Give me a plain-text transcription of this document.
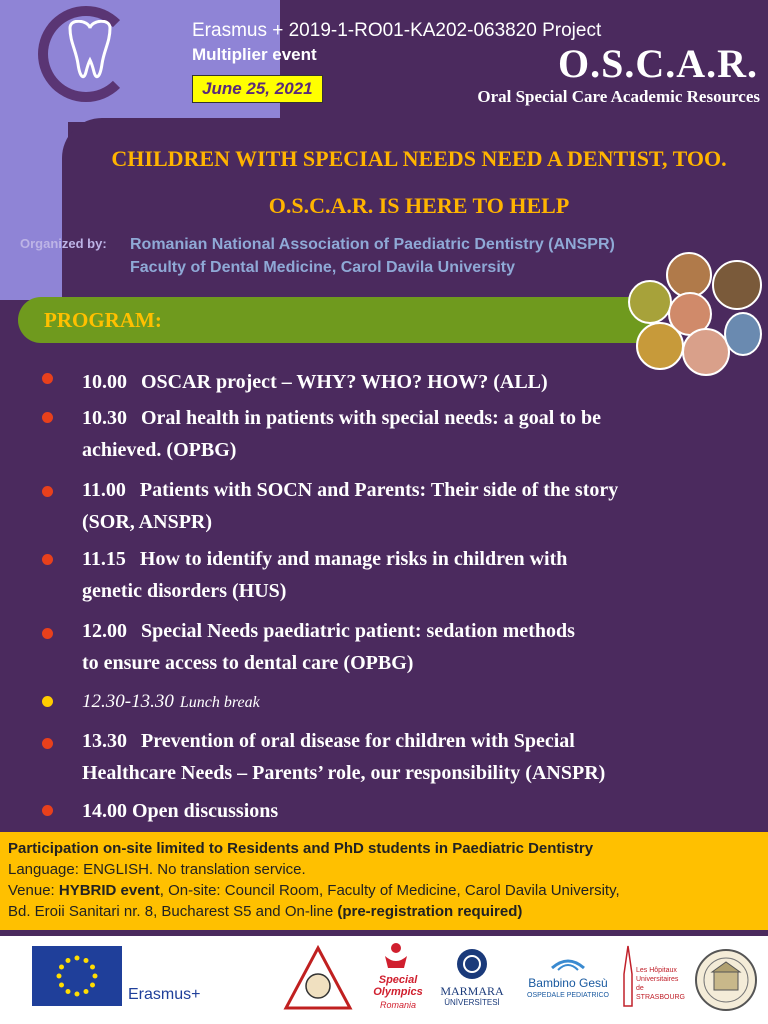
Erasmus + 2019-1-RO01-KA202-063820 Project
Multiplier event
June 25, 2021
O.S.C.A.R.
Oral Special Care Academic Resources
CHILDREN WITH SPECIAL NEEDS NEED A DENTIST, TOO.
O.S.C.A.R. IS HERE TO HELP
Organized by: Romanian National Association of Paediatric Dentistry (ANSPR)
Faculty of Dental Medicine, Carol Davila University
PROGRAM:
10.00 OSCAR project – WHY? WHO? HOW? (ALL)
10.30 Oral health in patients with special needs: a goal to be
achieved. (OPBG)
11.00 Patients with SOCN and Parents: Their side of the story
(SOR, ANSPR)
11.15 How to identify and manage risks in children with
genetic disorders (HUS)
12.00 Special Needs paediatric patient: sedation methods
to ensure access to dental care (OPBG)
12.30-13.30 Lunch break
13.30 Prevention of oral disease for children with Special
Healthcare Needs – Parents’ role, our responsibility (ANSPR)
14.00 Open discussions
Participation on-site limited to Residents and PhD students in Paediatric Dentistry
Language: ENGLISH. No translation service.
Venue: HYBRID event, On-site: Council Room, Faculty of Medicine, Carol Davila University,
Bd. Eroii Sanitari nr. 8, Bucharest S5 and On-line (pre-registration required)
Erasmus+
Special Olympics
Romania
MARMARA
ÜNİVERSİTESİ
Bambino Gesù
OSPEDALE PEDIATRICO
Les Hôpitaux Universitaires de STRASBOURG
